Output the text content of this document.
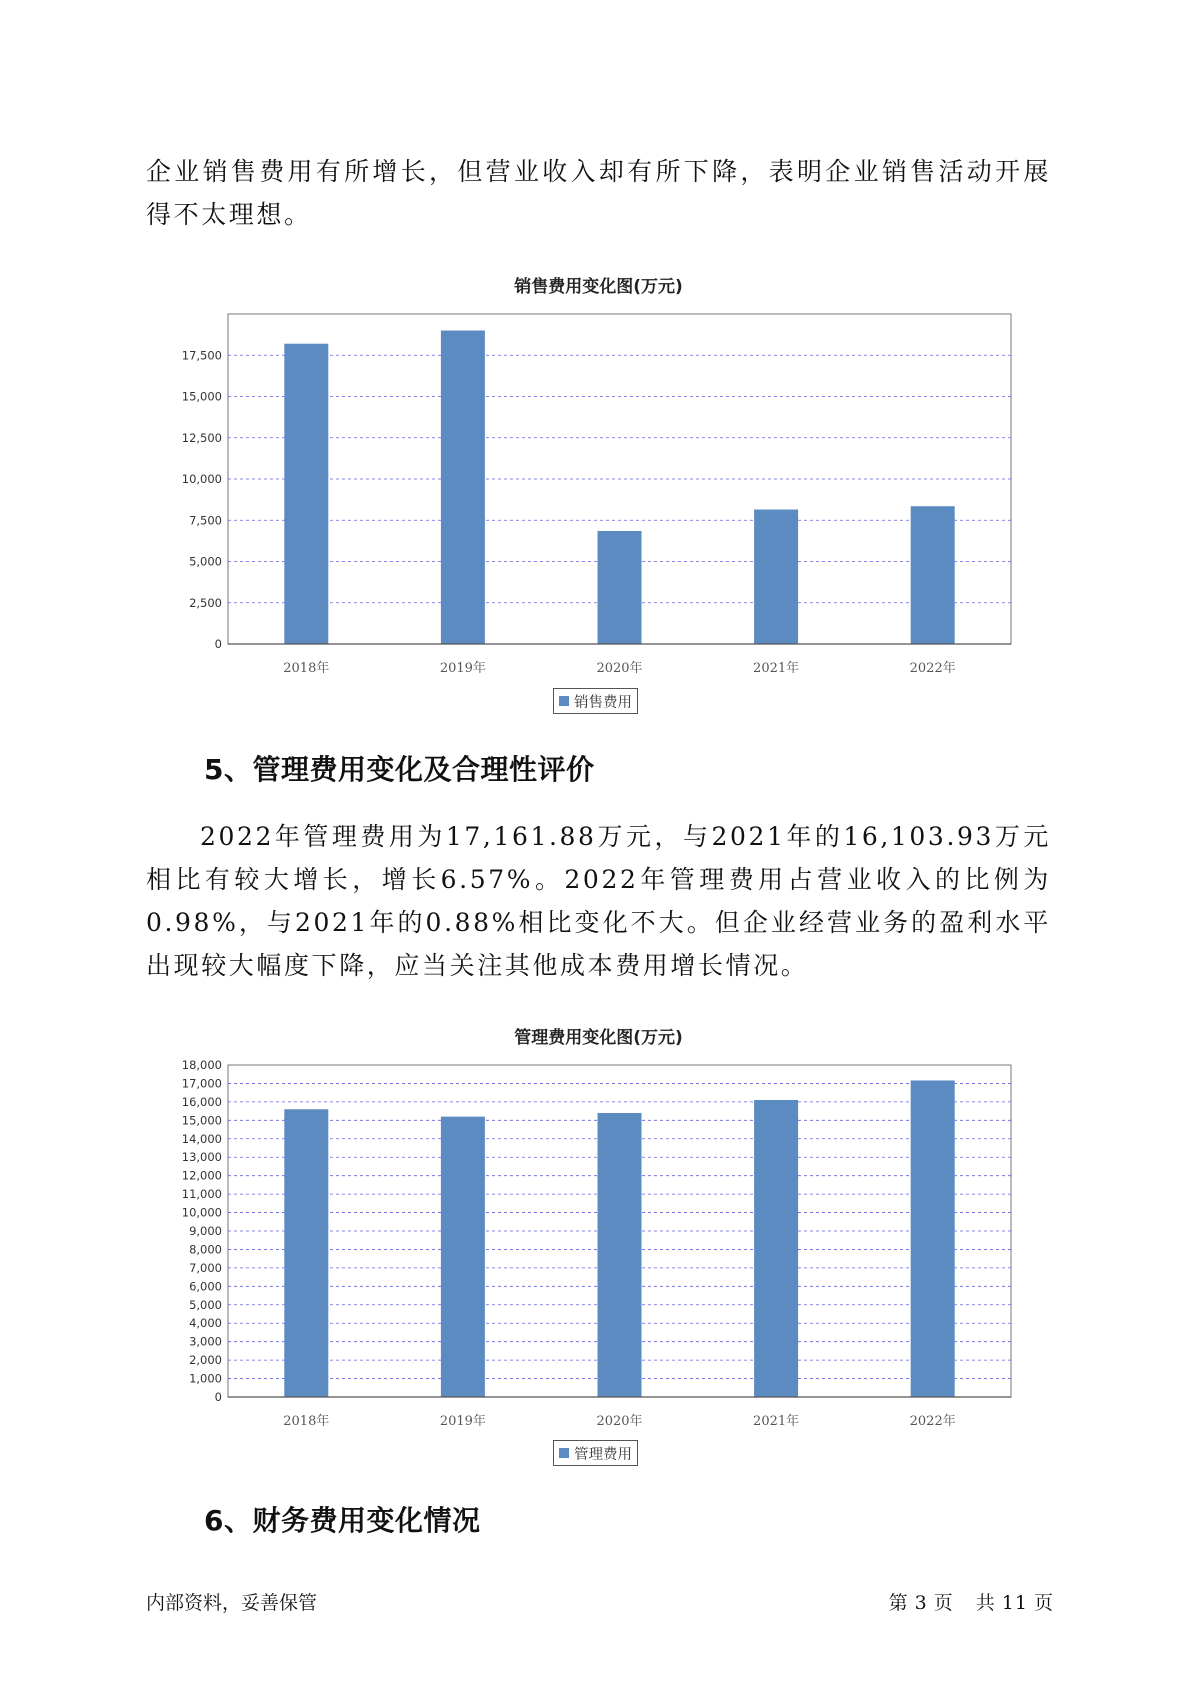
企业销售费用有所增长，但营业收入却有所下降，表明企业销售活动开展得不太理想。

销售费用变化图(万元)
0
2,500
5,000
7,500
10,000
12,500
15,000
17,500
2018年	2019年	2020年	2021年	2022年
销售费用
5、管理费用变化及合理性评价

2022年管理费用为17,161.88万元，与2021年的16,103.93万元相比有较大增长，增长6.57%。2022年管理费用占营业收入的比例为0.98%，与2021年的0.88%相比变化不大。但企业经营业务的盈利水平出现较大幅度下降，应当关注其他成本费用增长情况。

管理费用变化图(万元)
0
1,000
2,000
3,000
4,000
5,000
6,000
7,000
8,000
9,000
10,000
11,000
12,000
13,000
14,000
15,000
16,000
17,000
18,000
2018年	2019年	2020年	2021年	2022年
管理费用
6、财务费用变化情况
内部资料，妥善保管	第 3 页 共 11 页
